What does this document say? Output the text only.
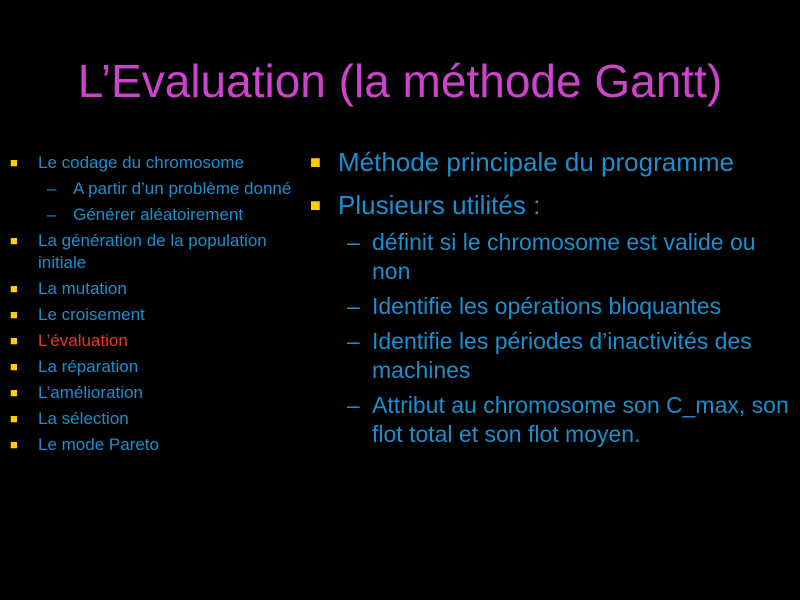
L’Evaluation (la méthode Gantt)
■ Le codage du chromosome
– A partir d’un problème donné
– Générer aléatoirement
■ La génération de la population initiale
■ La mutation
■ Le croisement
■ L’évaluation
■ La réparation
■ L’amélioration
■ La sélection
■ Le mode Pareto
■ Méthode principale du programme
■ Plusieurs utilités :
– définit si le chromosome est valide ou non
– Identifie les opérations bloquantes
– Identifie les périodes d’inactivités des machines
– Attribut au chromosome son C_max, son flot total et son flot moyen.
